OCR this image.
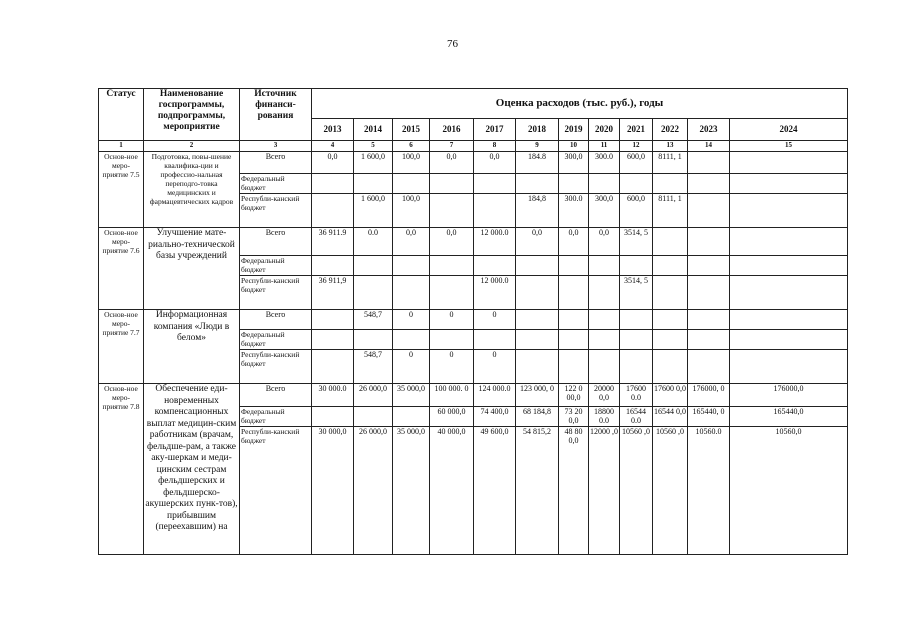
76
Статус	Наименование госпрограммы, подпрограммы, мероприятие	Источник финанси-рования	Оценка расходов (тыс. руб.), годы											
			2013	2014	2015	2016	2017	2018	2019	2020	2021	2022	2023	2024
1	2	3	4	5	6	7	8	9	10	11	12	13	14	15
Основ-ное меро-приятие 7.5	Подготовка, повы-шение квалифика-ции и профессио-нальная переподго-товка медицинских и фармацевтических кадров	Всего	0,0	1 600,0	100,0	0,0	0,0	184.8	300,0	300.0	600,0	8111, 1		
		Федеральный бюджет												
		Республи-канский бюджет		1 600,0	100,0			184,8	300.0	300,0	600,0	8111, 1		
Основ-ное меро-приятие 7.6	Улучшение мате-риально-технической базы учреждений	Всего	36 911.9	0.0	0,0	0,0	12 000.0	0,0	0,0	0,0	3514, 5			
		Федеральный бюджет												
		Республи-канский бюджет	36 911,9				12 000.0				3514, 5			
Основ-ное меро-приятие 7.7	Информационная компания «Люди в белом»	Всего		548,7	0	0	0							
		Федеральный бюджет												
		Республи-канский бюджет		548,7	0	0	0							
Основ-ное меро-приятие 7.8	Обеспечение еди-новременных компенсационных выплат медицин-ским работникам (врачам, фельдше-рам, а также аку-шеркам и меди-цинским сестрам фельдшерских и фельдшерско-акушерских пунк-тов), прибывшим (переехавшим) на	Всего	30 000.0	26 000,0	35 000,0	100 000. 0	124 000.0	123 000, 0	122 0 00,0	20000 0,0	17600 0.0	17600 0,0	176000, 0	176000,0
		Федеральный бюджет				60 000,0	74 400,0	68 184,8	73 20 0,0	18800 0.0	16544 0.0	16544 0,0	165440, 0	165440,0
		Республи-канский бюджет	30 000,0	26 000,0	35 000,0	40 000,0	49 600,0	54 815,2	48 80 0,0	12000 ,0	10560 ,0	10560 ,0	10560.0	10560,0
